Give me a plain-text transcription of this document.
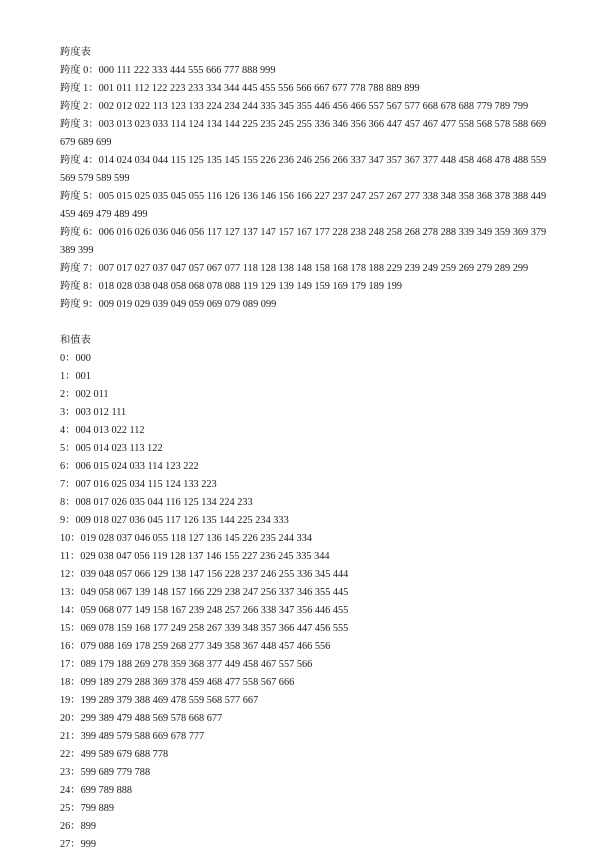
跨度表
跨度 0：000 111 222 333 444 555 666 777 888 999
跨度 1：001 011 112 122 223 233 334 344 445 455 556 566 667 677 778 788 889 899
跨度 2：002 012 022 113 123 133 224 234 244 335 345 355 446 456 466 557 567 577 668 678 688 779 789 799
跨度 3：003 013 023 033 114 124 134 144 225 235 245 255 336 346 356 366 447 457 467 477 558 568 578 588 669 679 689 699
跨度 4：014 024 034 044 115 125 135 145 155 226 236 246 256 266 337 347 357 367 377 448 458 468 478 488 559 569 579 589 599
跨度 5：005 015 025 035 045 055 116 126 136 146 156 166 227 237 247 257 267 277 338 348 358 368 378 388 449 459 469 479 489 499
跨度 6：006 016 026 036 046 056 117 127 137 147 157 167 177 228 238 248 258 268 278 288 339 349 359 369 379 389 399
跨度 7：007 017 027 037 047 057 067 077 118 128 138 148 158 168 178 188 229 239 249 259 269 279 289 299
跨度 8：018 028 038 048 058 068 078 088 119 129 139 149 159 169 179 189 199
跨度 9：009 019 029 039 049 059 069 079 089 099
和值表
0：000
1：001
2：002 011
3：003 012 111
4：004 013 022 112
5：005 014 023 113 122
6：006 015 024 033 114 123 222
7：007 016 025 034 115 124 133 223
8：008 017 026 035 044 116 125 134 224 233
9：009 018 027 036 045 117 126 135 144 225 234 333
10：019 028 037 046 055 118 127 136 145 226 235 244 334
11：029 038 047 056 119 128 137 146 155 227 236 245 335 344
12：039 048 057 066 129 138 147 156 228 237 246 255 336 345 444
13：049 058 067 139 148 157 166 229 238 247 256 337 346 355 445
14：059 068 077 149 158 167 239 248 257 266 338 347 356 446 455
15：069 078 159 168 177 249 258 267 339 348 357 366 447 456 555
16：079 088 169 178 259 268 277 349 358 367 448 457 466 556
17：089 179 188 269 278 359 368 377 449 458 467 557 566
18：099 189 279 288 369 378 459 468 477 558 567 666
19：199 289 379 388 469 478 559 568 577 667
20：299 389 479 488 569 578 668 677
21：399 489 579 588 669 678 777
22：499 589 679 688 778
23：599 689 779 788
24：699 789 888
25：799 889
26：899
27：999
